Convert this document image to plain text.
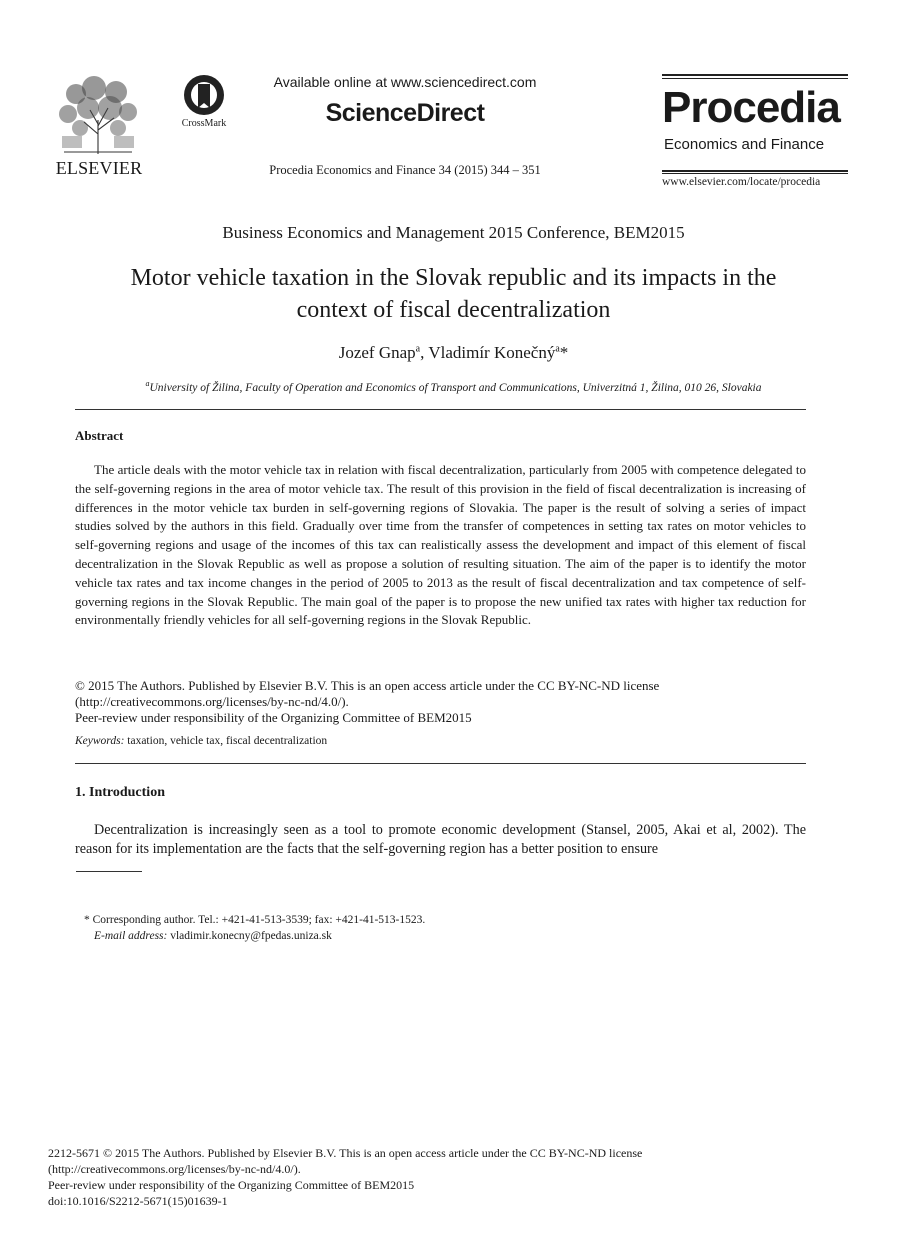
ELSEVIER
CrossMark
Available online at www.sciencedirect.com
ScienceDirect
Procedia Economics and Finance 34 (2015) 344 – 351
Procedia
Economics and Finance
www.elsevier.com/locate/procedia
Business Economics and Management 2015 Conference, BEM2015
Motor vehicle taxation in the Slovak republic and its impacts in the
context of fiscal decentralization
Jozef Gnap$^a$, Vladimír Konečný$^a$*
$^a$University of Žilina, Faculty of Operation and Economics of Transport and Communications, Univerzitná 1, Žilina, 010 26, Slovakia
Abstract
The article deals with the motor vehicle tax in relation with fiscal decentralization, particularly from 2005 with competence delegated to the self-governing regions in the area of motor vehicle tax. The result of this provision in the field of fiscal decentralization is increasing of differences in the motor vehicle tax burden in self-governing regions of Slovakia. The paper is the result of solving a series of impact studies solved by the authors in this field. Gradually over time from the transfer of competences in setting tax rates on motor vehicles to self-governing regions and usage of the incomes of this tax can realistically assess the development and impact of this element of fiscal decentralization in the Slovak Republic as well as propose a solution of resulting situation. The aim of the paper is to identify the motor vehicle tax rates and tax income changes in the period of 2005 to 2013 as the result of fiscal decentralization and tax competence of self-governing regions in the Slovak Republic. The main goal of the paper is to propose the new unified tax rates with higher tax reduction for environmentally friendly vehicles for all self-governing regions in the Slovak Republic.
© 2015 The Authors. Published by Elsevier B.V. This is an open access article under the CC BY-NC-ND license
(http://creativecommons.org/licenses/by-nc-nd/4.0/).
Peer-review under responsibility of the Organizing Committee of BEM2015
Keywords: taxation, vehicle tax, fiscal decentralization
1. Introduction
Decentralization is increasingly seen as a tool to promote economic development (Stansel, 2005, Akai et al, 2002). The reason for its implementation are the facts that the self-governing region has a better position to ensure
* Corresponding author. Tel.: +421-41-513-3539; fax: +421-41-513-1523.
E-mail address: vladimir.konecny@fpedas.uniza.sk
2212-5671 © 2015 The Authors. Published by Elsevier B.V. This is an open access article under the CC BY-NC-ND license
(http://creativecommons.org/licenses/by-nc-nd/4.0/).
Peer-review under responsibility of the Organizing Committee of BEM2015
doi:10.1016/S2212-5671(15)01639-1
